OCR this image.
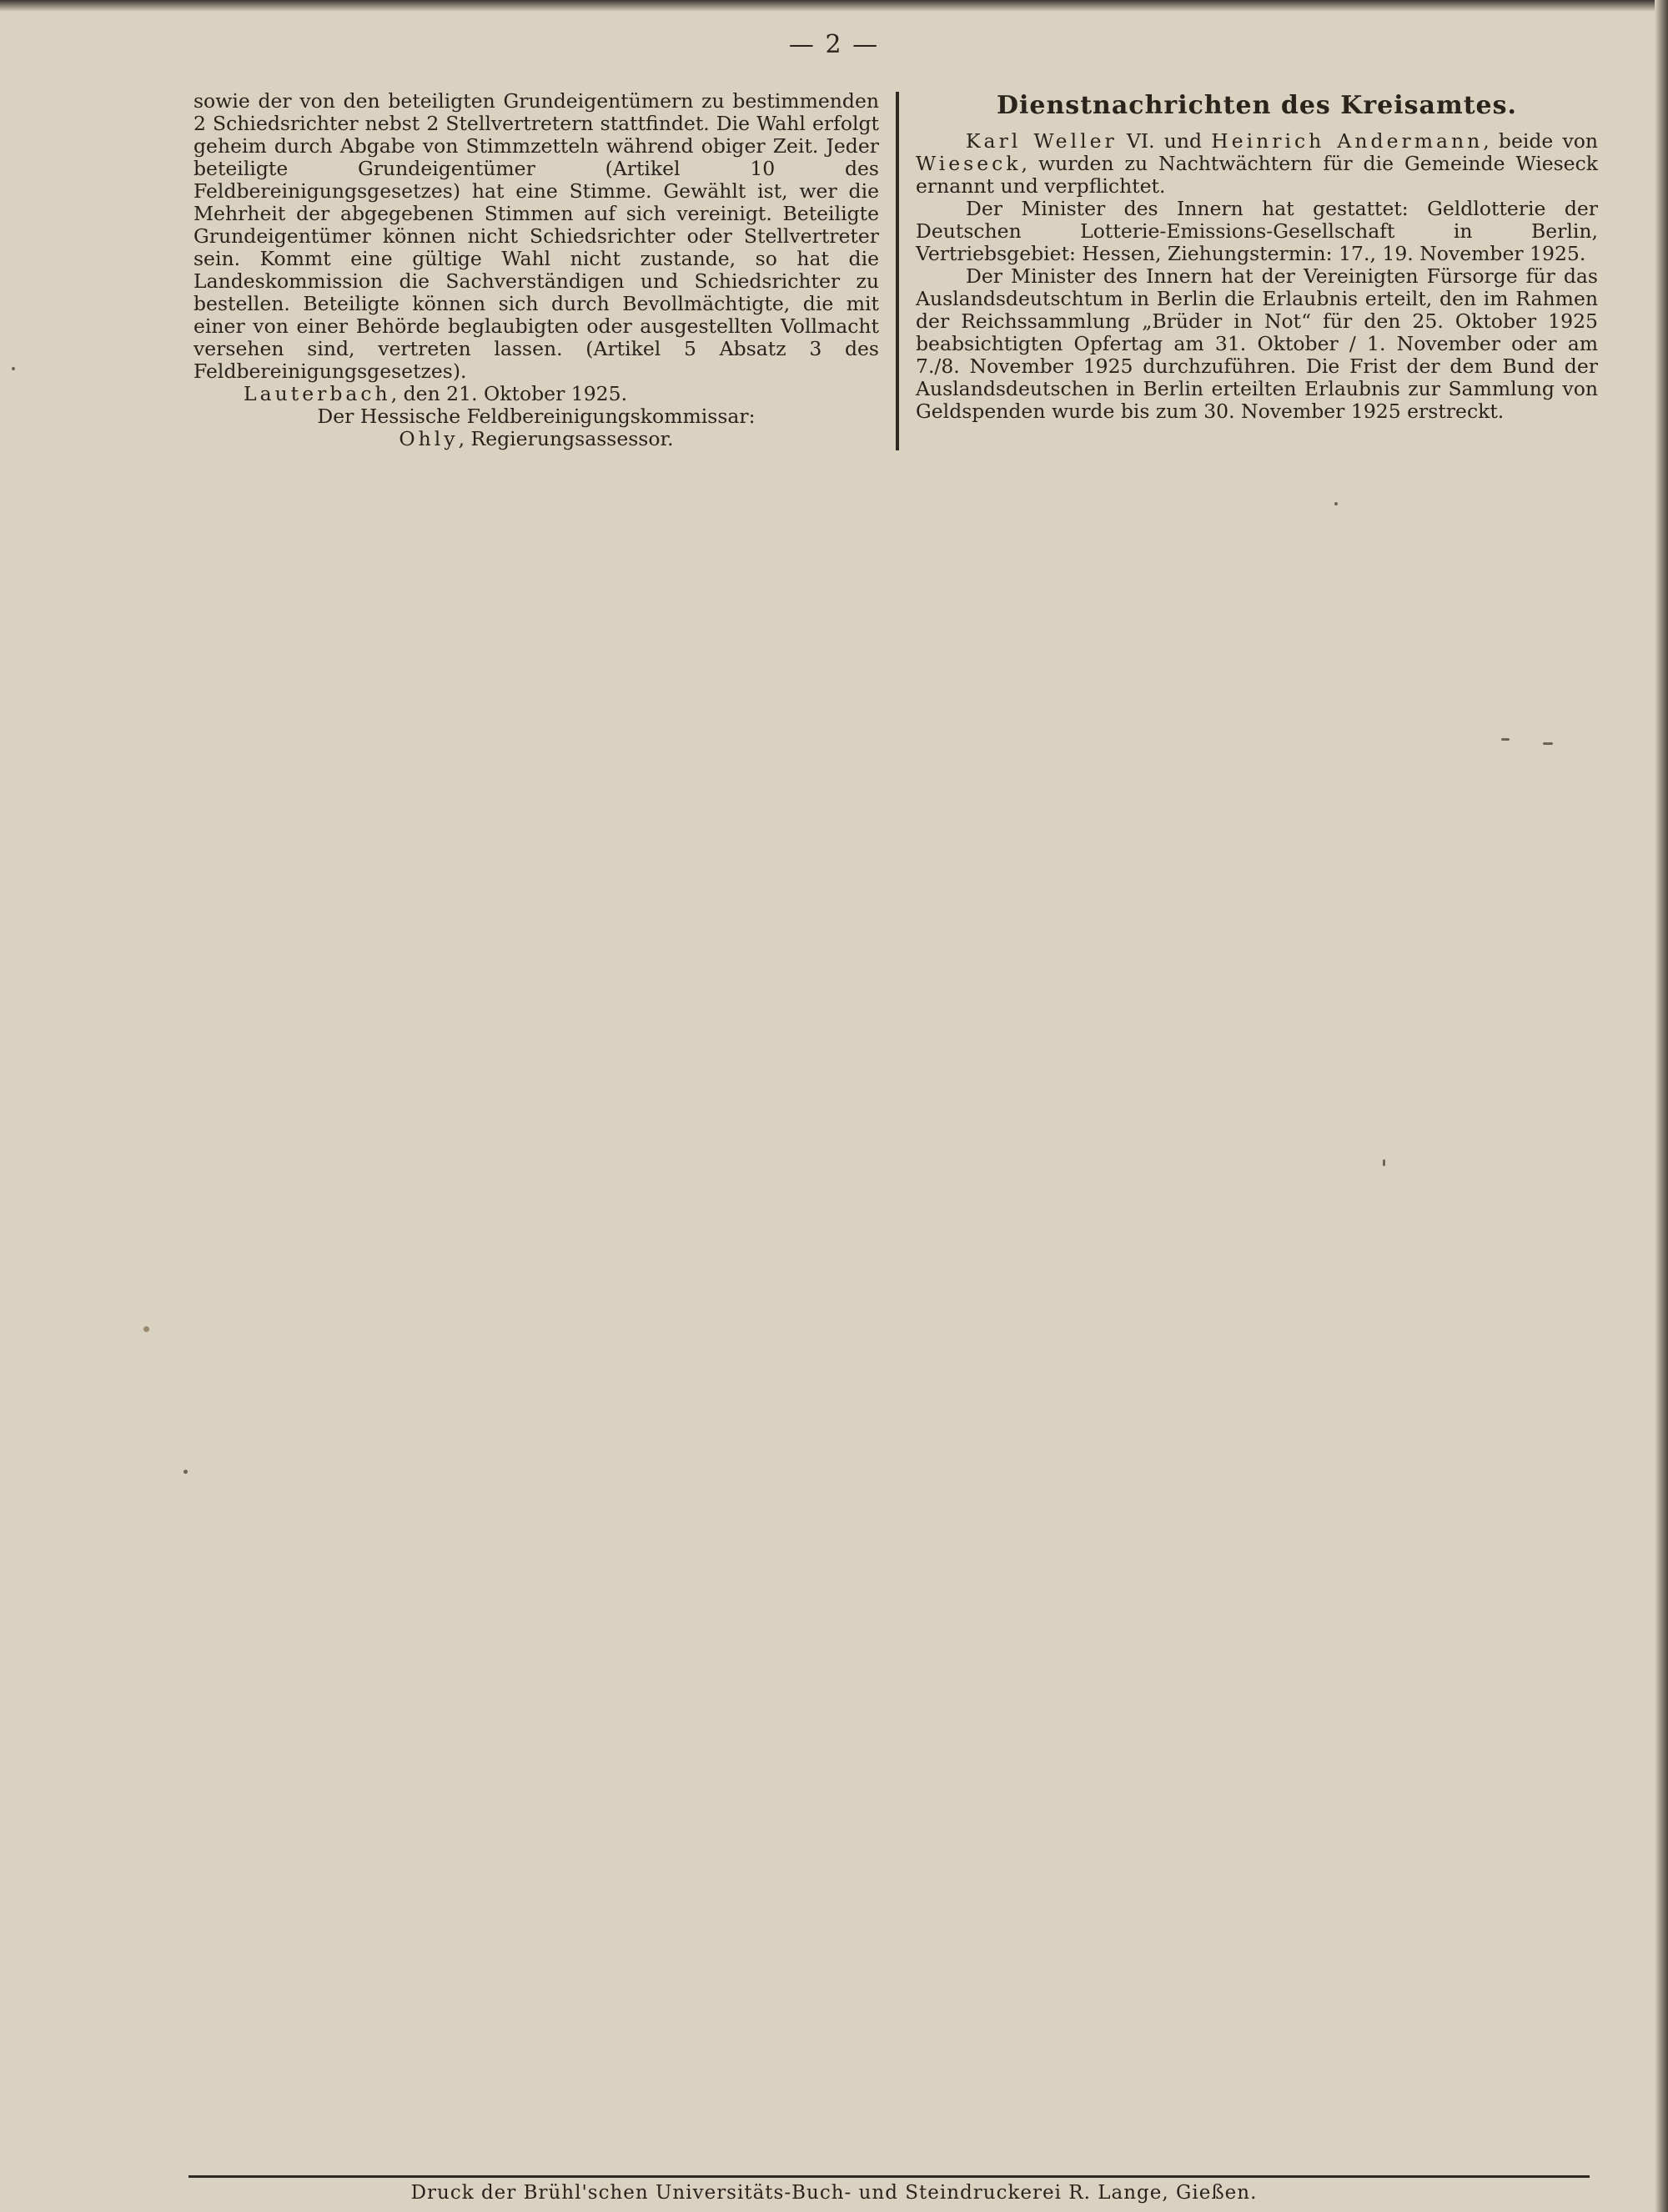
— 2 —

sowie der von den beteiligten Grundeigentümern zu bestimmenden 2 Schiedsrichter nebst 2 Stellvertretern stattfindet. Die Wahl erfolgt geheim durch Abgabe von Stimmzetteln während obiger Zeit. Jeder beteiligte Grundeigentümer (Artikel 10 des Feldbereinigungsgesetzes) hat eine Stimme. Gewählt ist, wer die Mehrheit der abgegebenen Stimmen auf sich vereinigt. Beteiligte Grundeigentümer können nicht Schiedsrichter oder Stellvertreter sein. Kommt eine gültige Wahl nicht zustande, so hat die Landeskommission die Sachverständigen und Schiedsrichter zu bestellen. Beteiligte können sich durch Bevollmächtigte, die mit einer von einer Behörde beglaubigten oder ausgestellten Vollmacht versehen sind, vertreten lassen. (Artikel 5 Absatz 3 des Feldbereinigungsgesetzes).

Lauterbach, den 21. Oktober 1925.

Der Hessische Feldbereinigungskommissar:

Ohly, Regierungsassessor.

Dienstnachrichten des Kreisamtes.

Karl Weller VI. und Heinrich Andermann, beide von Wieseck, wurden zu Nachtwächtern für die Gemeinde Wieseck ernannt und verpflichtet.

Der Minister des Innern hat gestattet: Geldlotterie der Deutschen Lotterie-Emissions-Gesellschaft in Berlin, Vertriebsgebiet: Hessen, Ziehungstermin: 17., 19. November 1925.

Der Minister des Innern hat der Vereinigten Fürsorge für das Auslandsdeutschtum in Berlin die Erlaubnis erteilt, den im Rahmen der Reichssammlung „Brüder in Not“ für den 25. Oktober 1925 beabsichtigten Opfertag am 31. Oktober / 1. November oder am 7./8. November 1925 durchzuführen. Die Frist der dem Bund der Auslandsdeutschen in Berlin erteilten Erlaubnis zur Sammlung von Geldspenden wurde bis zum 30. November 1925 erstreckt.

Druck der Brühl'schen Universitäts-Buch- und Steindruckerei R. Lange, Gießen.
